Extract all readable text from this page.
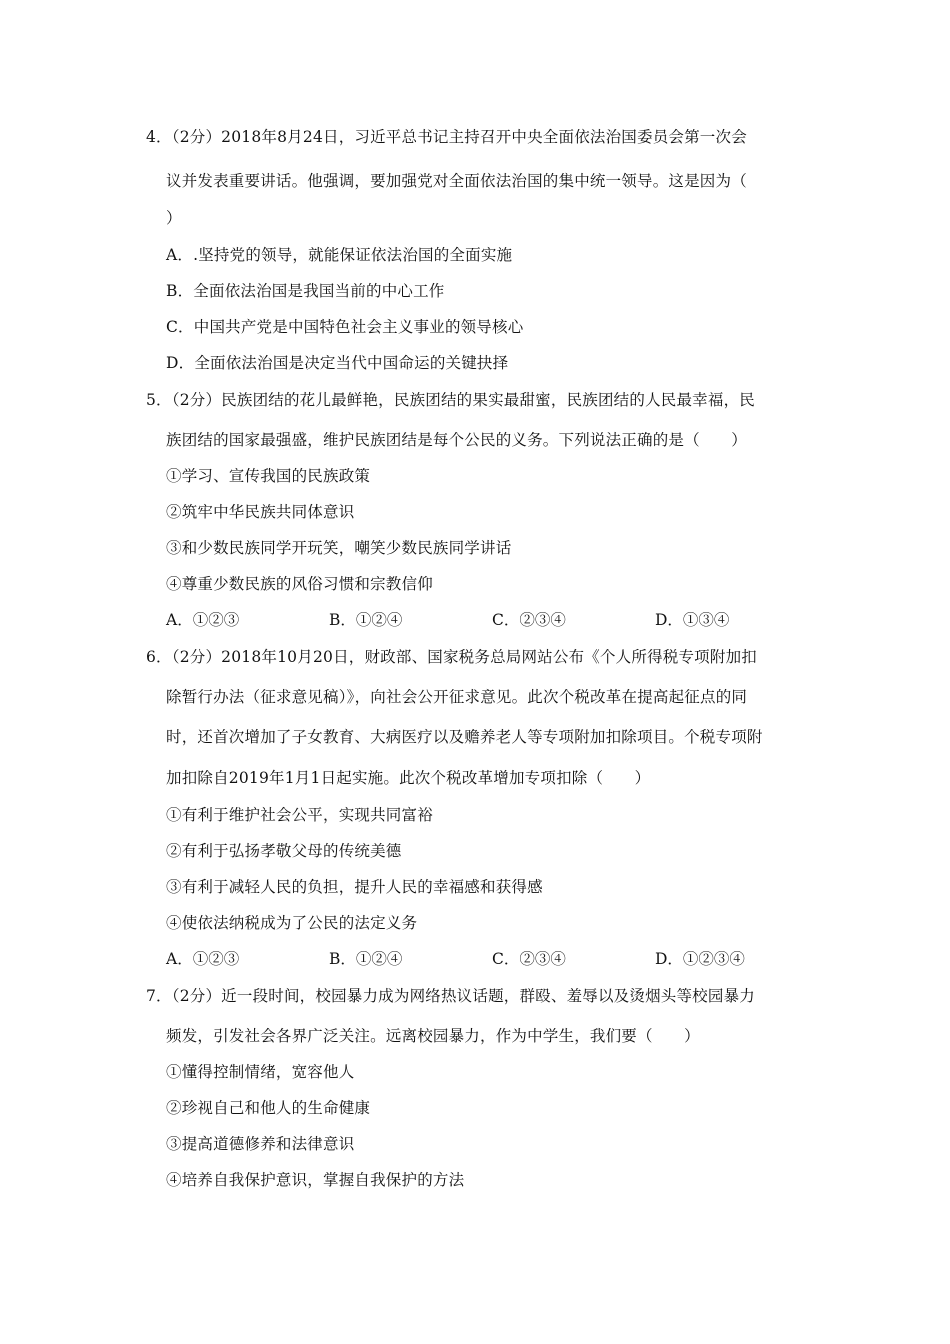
4．（2分）2018年8月24日，习近平总书记主持召开中央全面依法治国委员会第一次会
议并发表重要讲话。他强调，要加强党对全面依法治国的集中统一领导。这是因为（
）
A．.坚持党的领导，就能保证依法治国的全面实施
B．全面依法治国是我国当前的中心工作
C．中国共产党是中国特色社会主义事业的领导核心
D．全面依法治国是决定当代中国命运的关键抉择
5．（2分）民族团结的花儿最鲜艳，民族团结的果实最甜蜜，民族团结的人民最幸福，民
族团结的国家最强盛，维护民族团结是每个公民的义务。下列说法正确的是（　　）
①学习、宣传我国的民族政策
②筑牢中华民族共同体意识
③和少数民族同学开玩笑，嘲笑少数民族同学讲话
④尊重少数民族的风俗习惯和宗教信仰
A．①②③	B．①②④	C．②③④	D．①③④
6．（2分）2018年10月20日，财政部、国家税务总局网站公布《个人所得税专项附加扣
除暂行办法（征求意见稿）》，向社会公开征求意见。此次个税改革在提高起征点的同
时，还首次增加了子女教育、大病医疗以及赡养老人等专项附加扣除项目。个税专项附
加扣除自2019年1月1日起实施。此次个税改革增加专项扣除（　　）
①有利于维护社会公平，实现共同富裕
②有利于弘扬孝敬父母的传统美德
③有利于减轻人民的负担，提升人民的幸福感和获得感
④使依法纳税成为了公民的法定义务
A．①②③	B．①②④	C．②③④	D．①②③④
7．（2分）近一段时间，校园暴力成为网络热议话题，群殴、羞辱以及烫烟头等校园暴力
频发，引发社会各界广泛关注。远离校园暴力，作为中学生，我们要（　　）
①懂得控制情绪，宽容他人
②珍视自己和他人的生命健康
③提高道德修养和法律意识
④培养自我保护意识，掌握自我保护的方法
